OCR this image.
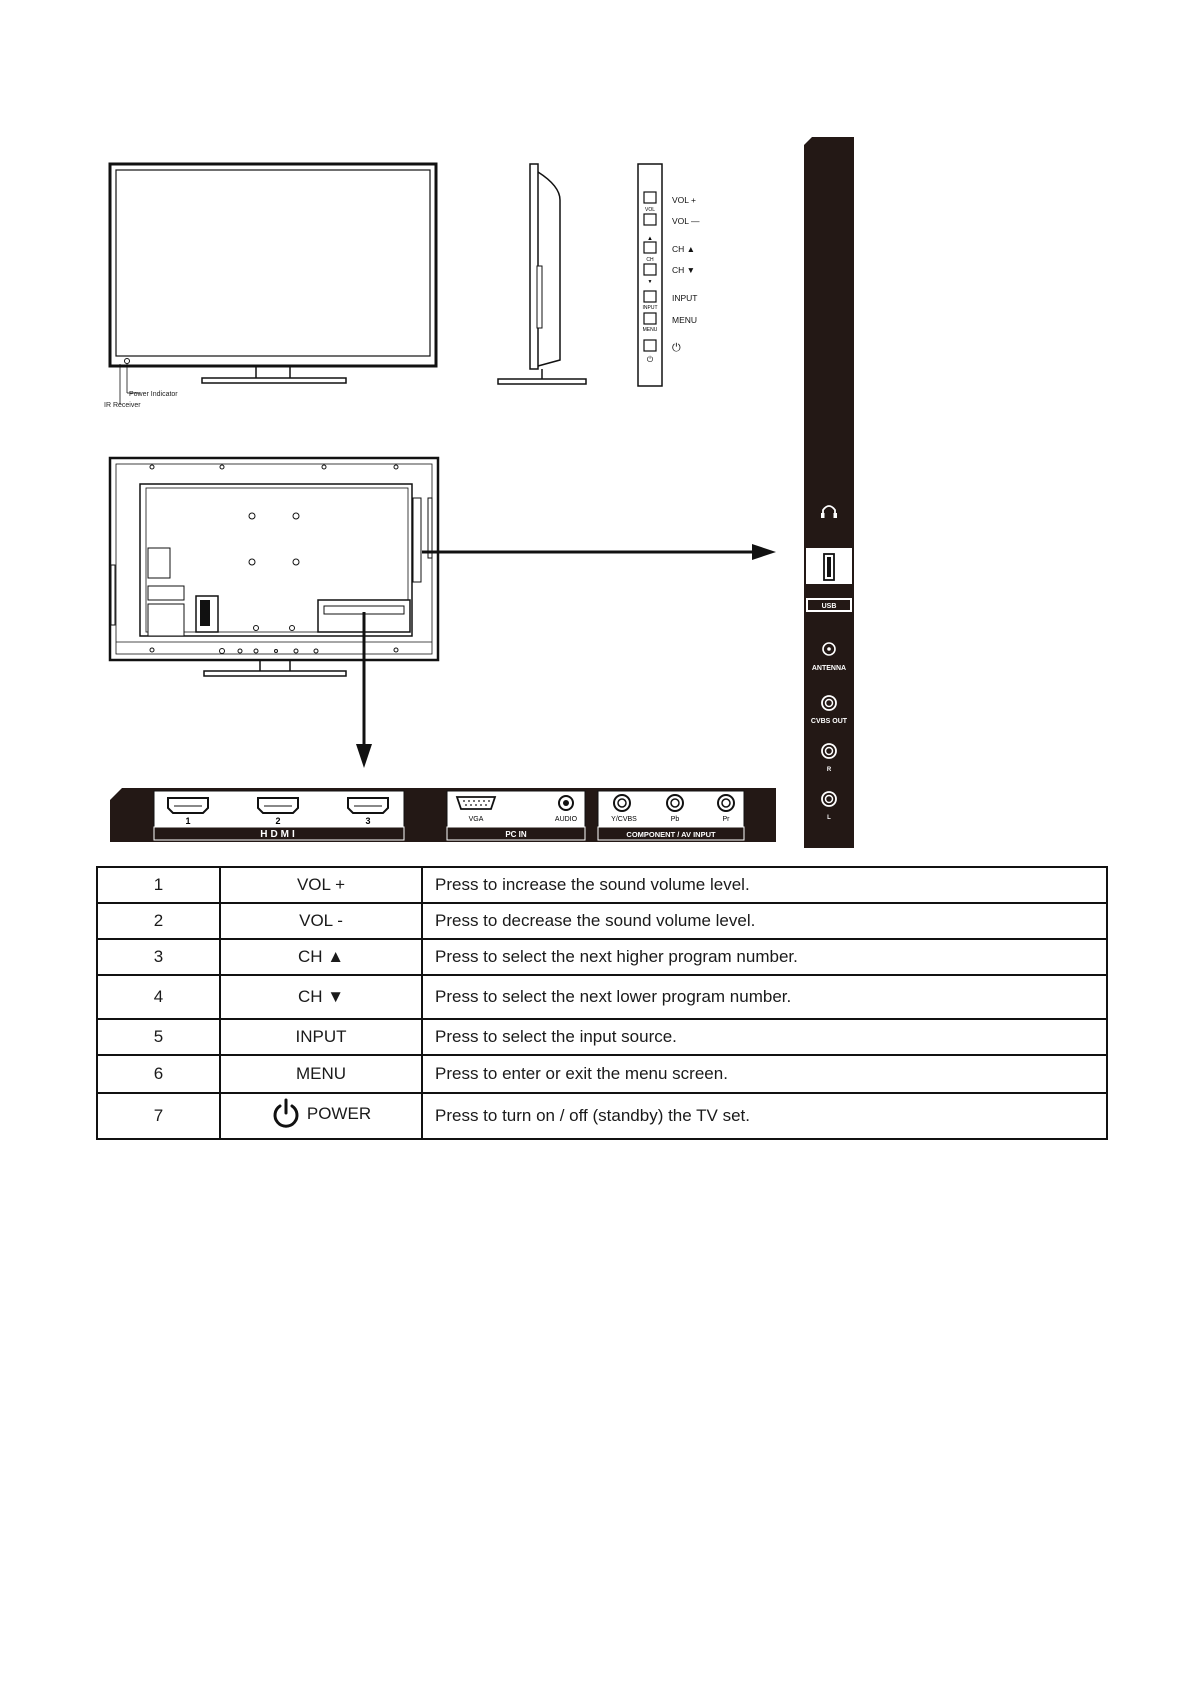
Power Indicator
IR Receiver
VOL
▲
CH
▼
INPUT
MENU
⏻
VOL +
VOL —
CH ▲
CH ▼
INPUT
MENU
⏻
HDMI
1	2	3
PC IN
VGA	AUDIO
COMPONENT / AV INPUT
Y/CVBS	Pb	Pr
USB
ANTENNA
CVBS OUT
R
L
1	VOL +	Press to increase the sound volume level.
2	VOL -	Press to decrease the sound volume level.
3	CH ▲	Press to select the next higher program number.
4	CH ▼	Press to select the next lower program number.
5	INPUT	Press to select the input source.
6	MENU	Press to enter or exit the menu screen.
7	POWER	Press to turn on / off (standby) the TV set.
